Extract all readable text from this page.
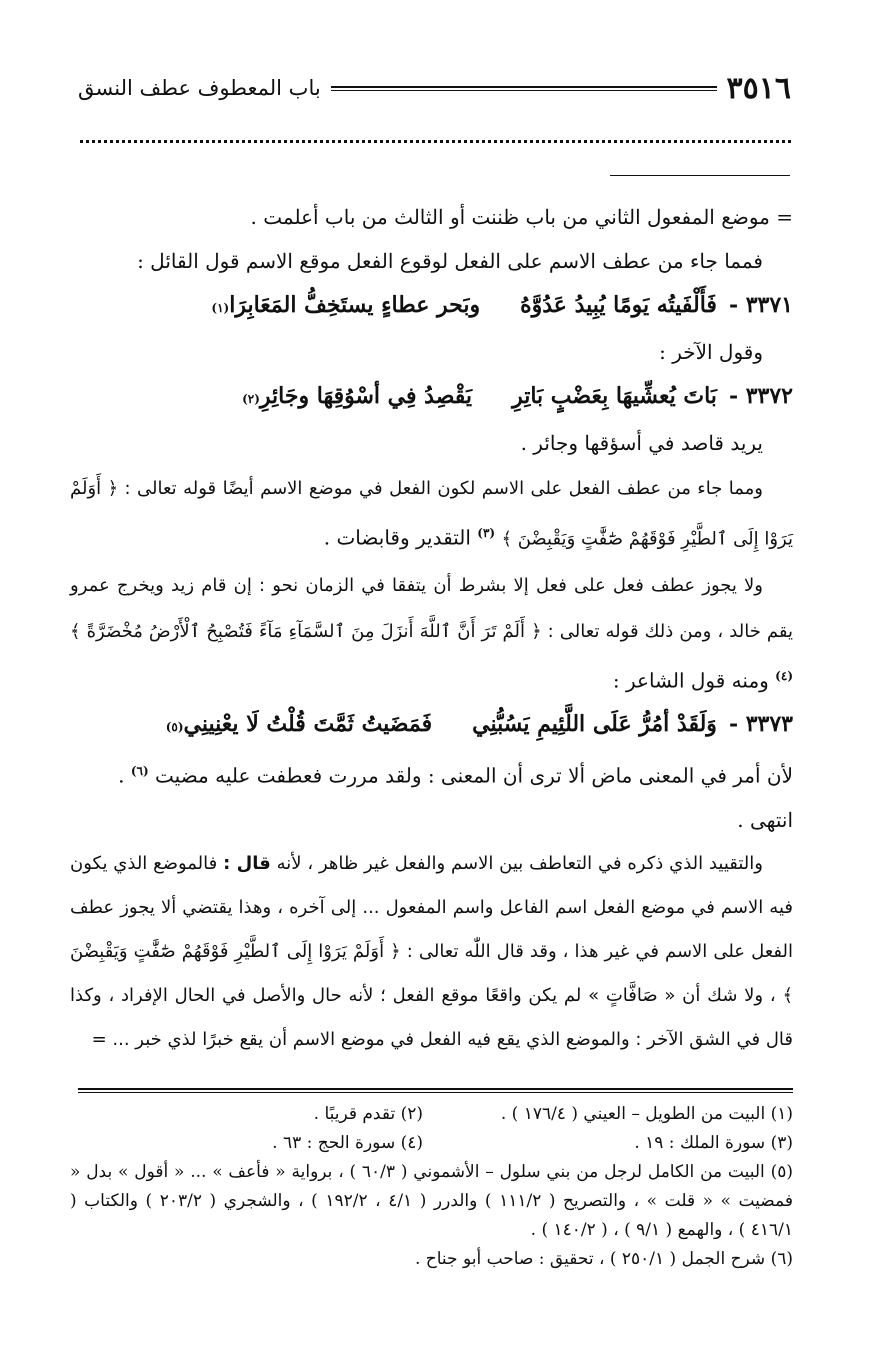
٣٥١٦
باب المعطوف عطف النسق

= موضع المفعول الثاني من باب ظننت أو الثالث من باب أعلمت .

فمما جاء من عطف الاسم على الفعل لوقوع الفعل موقع الاسم قول القائل :

٣٣٧١ -
فَأَلْفَيتُه يَومًا يُبِيدُ عَدُوَّهُ
وبَحر عطاءٍ يستَخِفُّ المَعَابِرَا
(١)

وقول الآخر :

٣٣٧٢ -
بَاتَ يُعشِّيهَا بِعَضْبٍ بَاتِرِ
يَقْصِدُ فِي أسْوُقِهَا وجَائِرِ
(٢)

يريد قاصد في أسؤقها وجائر .

ومما جاء من عطف الفعل على الاسم لكون الفعل في موضع الاسم أيضًا قوله تعالى : ﴿ أَوَلَمْ يَرَوْا إِلَى ٱلطَّيْرِ فَوْقَهُمْ صَٰٓفَّٰتٍ وَيَقْبِضْنَ ﴾ $^{(٣)}$ التقدير وقابضات .

ولا يجوز عطف فعل على فعل إلا بشرط أن يتفقا في الزمان نحو : إن قام زيد ويخرج عمرو يقم خالد ، ومن ذلك قوله تعالى : ﴿ أَلَمْ تَرَ أَنَّ ٱللَّهَ أَنزَلَ مِنَ ٱلسَّمَآءِ مَآءً فَتُصْبِحُ ٱلْأَرْضُ مُخْضَرَّةً ﴾ $^{(٤)}$ ومنه قول الشاعر :

٣٣٧٣ -
وَلَقَدْ أمُرُّ عَلَى اللَّئِيمِ يَسُبُّنِي
فَمَضَيتُ ثَمَّتَ قُلْتُ لَا يعْنِينِي
(٥)

لأن أمر في المعنى ماض ألا ترى أن المعنى : ولقد مررت فعطفت عليه مضيت $^{(٦)}$ .

انتهى .

والتقييد الذي ذكره في التعاطف بين الاسم والفعل غير ظاهر ، لأنه قال : فالموضع الذي يكون فيه الاسم في موضع الفعل اسم الفاعل واسم المفعول ... إلى آخره ، وهذا يقتضي ألا يجوز عطف الفعل على الاسم في غير هذا ، وقد قال اللّٰه تعالى : ﴿ أَوَلَمْ يَرَوْا إِلَى ٱلطَّيْرِ فَوْقَهُمْ صَٰٓفَّٰتٍ وَيَقْبِضْنَ ﴾ ، ولا شك أن « صَافَّاتٍ » لم يكن واقعًا موقع الفعل ؛ لأنه حال والأصل في الحال الإفراد ، وكذا قال في الشق الآخر : والموضع الذي يقع فيه الفعل في موضع الاسم أن يقع خبرًا لذي خبر ... =

(١) البيت من الطويل – العيني ( ١٧٦/٤ ) .
(٢) تقدم قريبًا .
(٣) سورة الملك : ١٩ .
(٤) سورة الحج : ٦٣ .

(٥) البيت من الكامل لرجل من بني سلول – الأشموني ( ٦٠/٣ ) ، برواية « فأعف » ... « أقول » بدل « فمضيت » « قلت » ، والتصريح ( ١١١/٢ ) والدرر ( ٤/١ ، ١٩٢/٢ ) ، والشجري ( ٢٠٣/٢ ) والكتاب ( ٤١٦/١ ) ، والهمع ( ٩/١ ) ، ( ١٤٠/٢ ) .

(٦) شرح الجمل ( ٢٥٠/١ ) ، تحقيق : صاحب أبو جناح .
